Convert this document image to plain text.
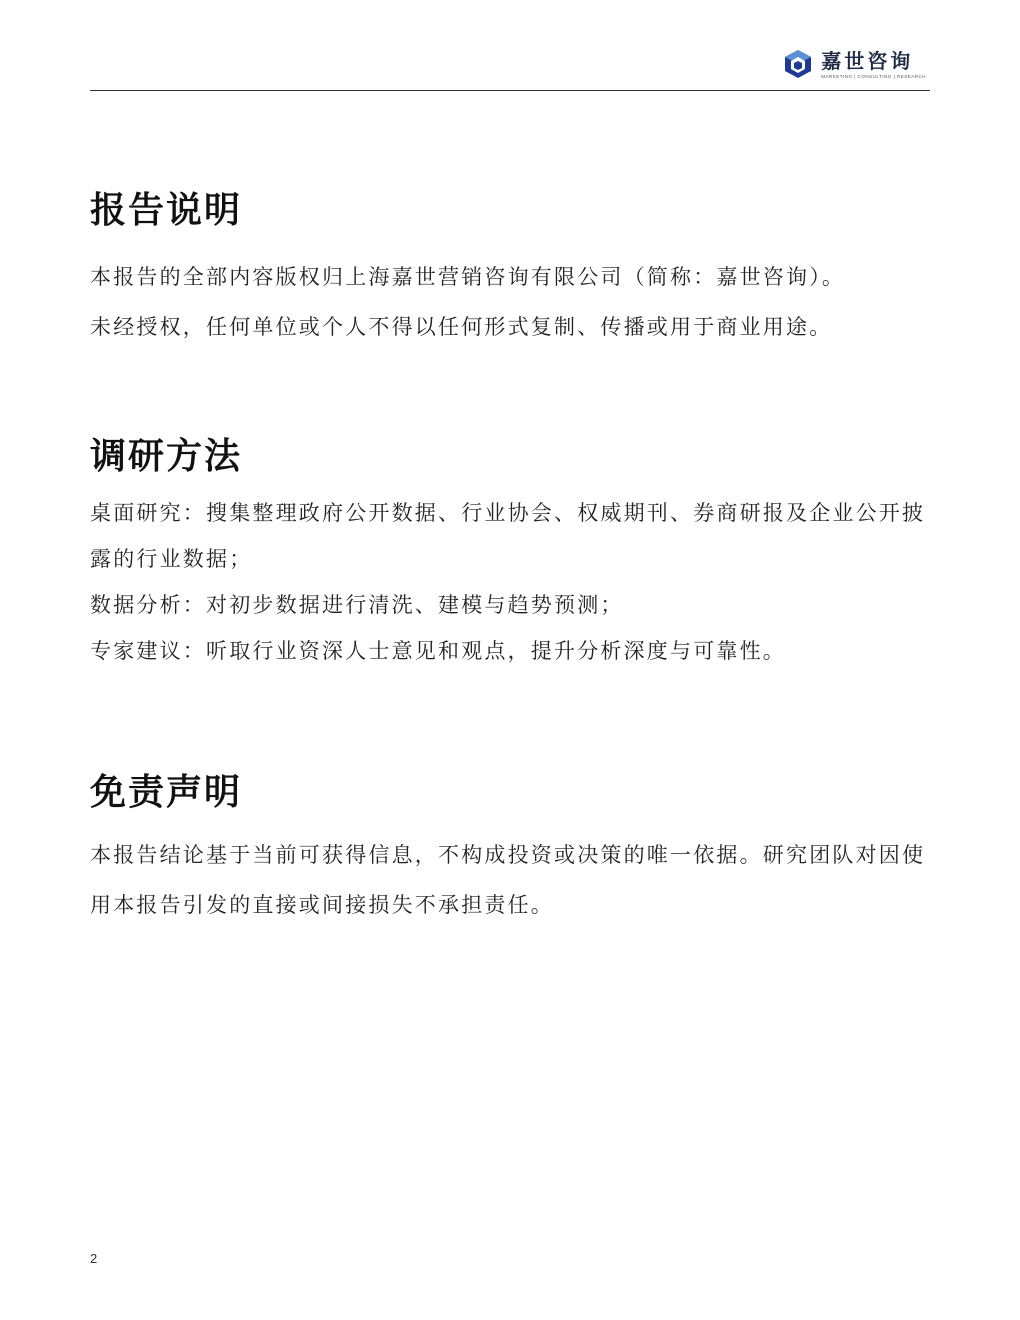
嘉世咨询
MARKETING | CONSULTING | RESEARCH
报告说明

本报告的全部内容版权归上海嘉世营销咨询有限公司（简称：嘉世咨询）。

未经授权，任何单位或个人不得以任何形式复制、传播或用于商业用途。

调研方法

桌面研究：搜集整理政府公开数据、行业协会、权威期刊、券商研报及企业公开披露的行业数据；

数据分析：对初步数据进行清洗、建模与趋势预测；

专家建议：听取行业资深人士意见和观点，提升分析深度与可靠性。

免责声明

本报告结论基于当前可获得信息，不构成投资或决策的唯一依据。研究团队对因使用本报告引发的直接或间接损失不承担责任。

2
